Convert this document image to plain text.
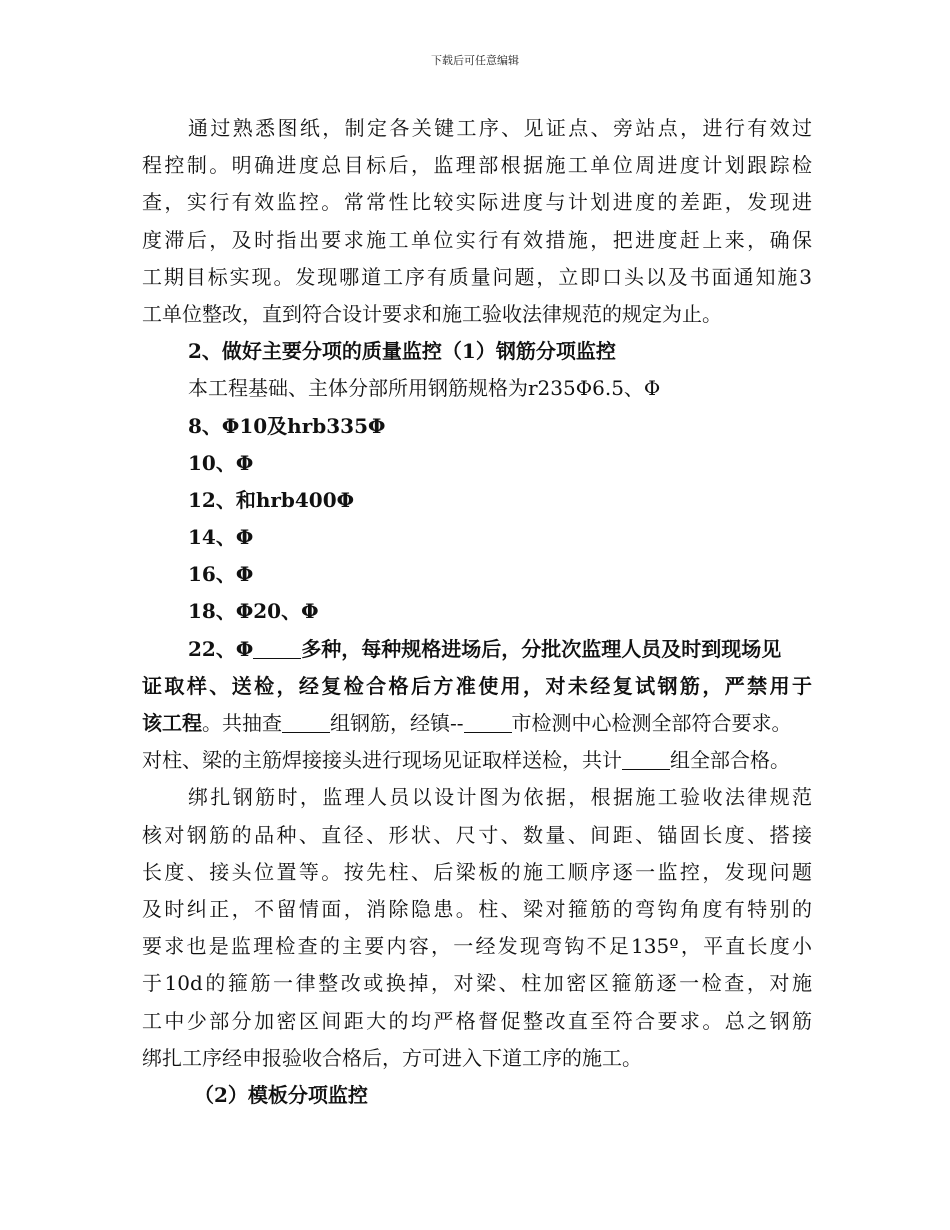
下载后可任意编辑
通过熟悉图纸，制定各关键工序、见证点、旁站点，进行有效过
程控制。明确进度总目标后，监理部根据施工单位周进度计划跟踪检
查，实行有效监控。常常性比较实际进度与计划进度的差距，发现进
度滞后，及时指出要求施工单位实行有效措施，把进度赶上来，确保
工期目标实现。发现哪道工序有质量问题，立即口头以及书面通知施3
工单位整改，直到符合设计要求和施工验收法律规范的规定为止。
2、做好主要分项的质量监控（1）钢筋分项监控
本工程基础、主体分部所用钢筋规格为r235Φ6.5、Φ
8、Φ10及hrb335Φ
10、Φ
12、和hrb400Φ
14、Φ
16、Φ
18、Φ20、Φ
22、Φ 多种，每种规格进场后，分批次监理人员及时到现场见
证取样、送检，经复检合格后方准使用，对未经复试钢筋，严禁用于
该工程。共抽查 组钢筋，经镇-- 市检测中心检测全部符合要求。
对柱、梁的主筋焊接接头进行现场见证取样送检，共计 组全部合格。
绑扎钢筋时，监理人员以设计图为依据，根据施工验收法律规范
核对钢筋的品种、直径、形状、尺寸、数量、间距、锚固长度、搭接
长度、接头位置等。按先柱、后梁板的施工顺序逐一监控，发现问题
及时纠正，不留情面，消除隐患。柱、梁对箍筋的弯钩角度有特别的
要求也是监理检查的主要内容，一经发现弯钩不足135º，平直长度小
于10d的箍筋一律整改或换掉，对梁、柱加密区箍筋逐一检查，对施
工中少部分加密区间距大的均严格督促整改直至符合要求。总之钢筋
绑扎工序经申报验收合格后，方可进入下道工序的施工。
（2）模板分项监控
